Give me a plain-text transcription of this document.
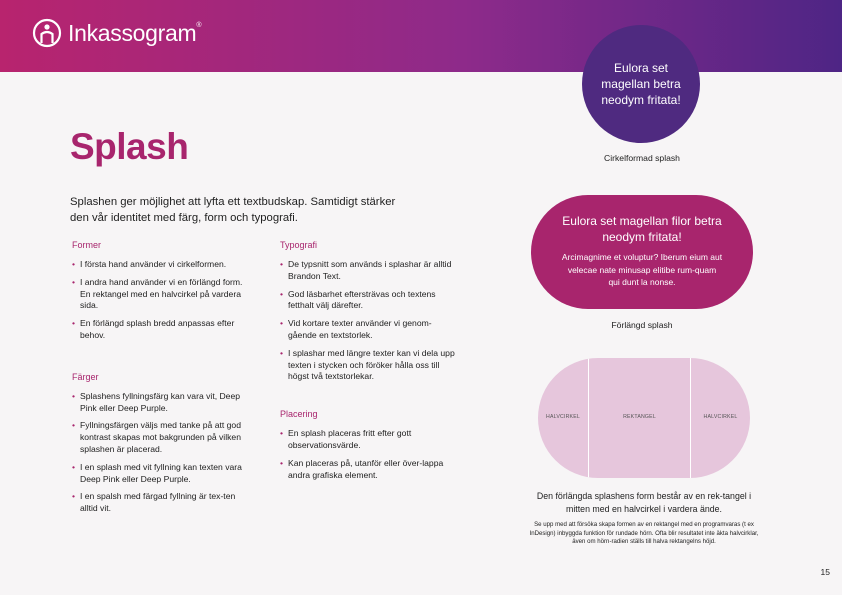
Inkassogram®
Splash

Splashen ger möjlighet att lyfta ett textbudskap. Samtidigt stärker den vår identitet med färg, form och typografi.

Former
• I första hand använder vi cirkelformen.
• I andra hand använder vi en förlängd form. En rektangel med en halvcirkel på vardera sida.
• En förlängd splash bredd anpassas efter behov.
Färger
• Splashens fyllningsfärg kan vara vit, Deep Pink eller Deep Purple.
• Fyllningsfärgen väljs med tanke på att god kontrast skapas mot bakgrunden på vilken splashen är placerad.
• I en splash med vit fyllning kan texten vara Deep Pink eller Deep Purple.
• I en spalsh med färgad fyllning är tex-ten alltid vit.
Typografi
• De typsnitt som används i splashar är alltid Brandon Text.
• God läsbarhet eftersträvas och textens fetthalt välj därefter.
• Vid kortare texter använder vi genom-gående en textstorlek.
• I splashar med längre texter kan vi dela upp texten i stycken och föröker hålla oss till högst två textstorlekar.
Placering
• En splash placeras fritt efter gott observationsvärde.
• Kan placeras på, utanför eller över-lappa andra grafiska element.
Eulora set magellan betra neodym fritata!
Cirkelformad splash
Eulora set magellan filor betra neodym fritata!
Arcimagnime et voluptur? Iberum eium aut velecae nate minusap elitibe rum-quam qui dunt la nonse.
Förlängd splash
HALVCIRKEL	REKTANGEL	HALVCIRKEL
Den förlängda splashens form består av en rek-tangel i mitten med en halvcirkel i vardera ände.
Se upp med att försöka skapa formen av en rektangel med en programvaras (t ex InDesign) inbyggda funktion för rundade hörn. Ofta blir resultatet inte äkta halvcirklar, även om hörn-radien ställs till halva rektangelns höjd.
15
